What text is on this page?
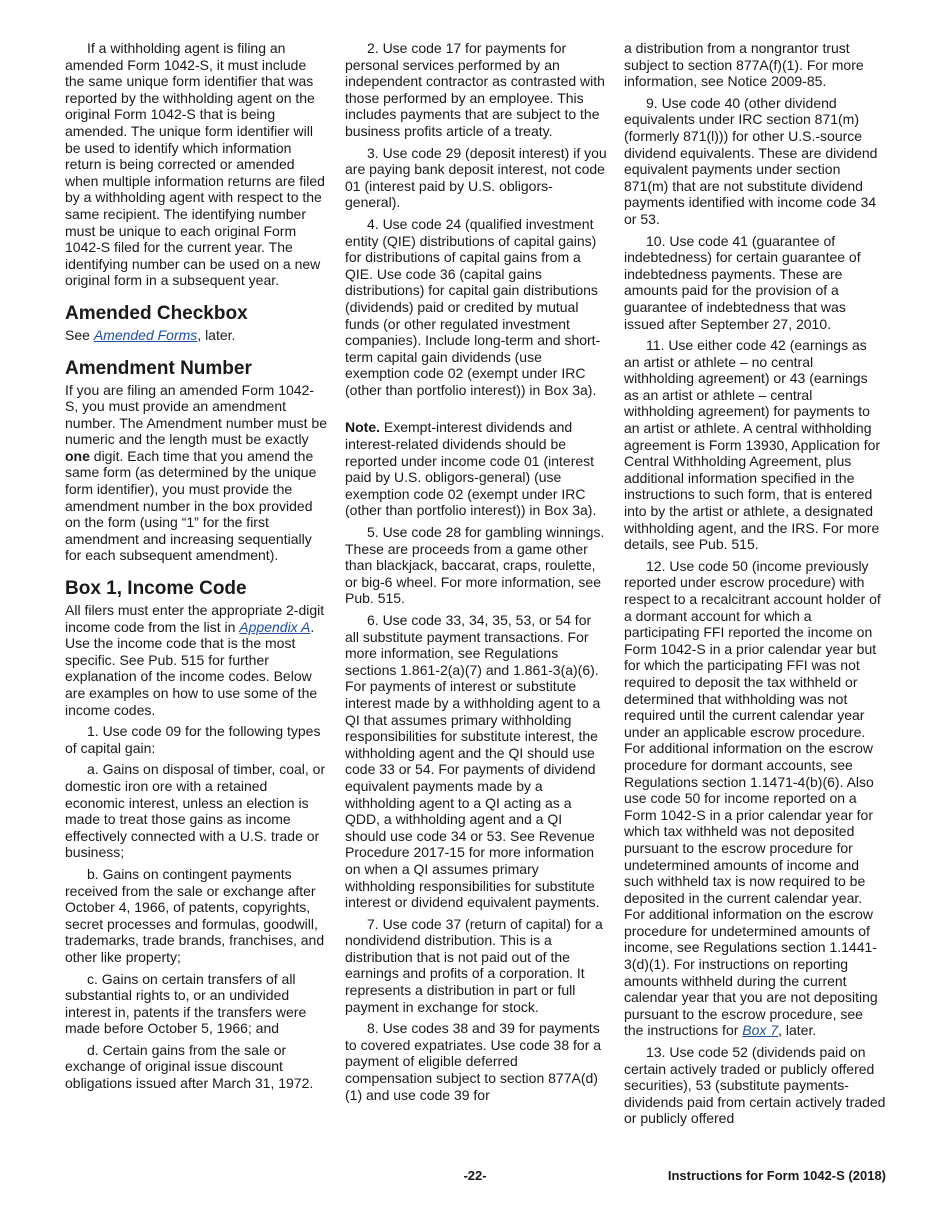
If a withholding agent is filing an amended Form 1042-S, it must include the same unique form identifier that was reported by the withholding agent on the original Form 1042-S that is being amended. The unique form identifier will be used to identify which information return is being corrected or amended when multiple information returns are filed by a withholding agent with respect to the same recipient. The identifying number must be unique to each original Form 1042-S filed for the current year. The identifying number can be used on a new original form in a subsequent year.

Amended Checkbox

See Amended Forms, later.

Amendment Number

If you are filing an amended Form 1042-S, you must provide an amendment number. The Amendment number must be numeric and the length must be exactly one digit. Each time that you amend the same form (as determined by the unique form identifier), you must provide the amendment number in the box provided on the form (using “1” for the first amendment and increasing sequentially for each subsequent amendment).

Box 1, Income Code

All filers must enter the appropriate 2-digit income code from the list in Appendix A. Use the income code that is the most specific. See Pub. 515 for further explanation of the income codes. Below are examples on how to use some of the income codes.

1. Use code 09 for the following types of capital gain:

a. Gains on disposal of timber, coal, or domestic iron ore with a retained economic interest, unless an election is made to treat those gains as income effectively connected with a U.S. trade or business;

b. Gains on contingent payments received from the sale or exchange after October 4, 1966, of patents, copyrights, secret processes and formulas, goodwill, trademarks, trade brands, franchises, and other like property;

c. Gains on certain transfers of all substantial rights to, or an undivided interest in, patents if the transfers were made before October 5, 1966; and

d. Certain gains from the sale or exchange of original issue discount obligations issued after March 31, 1972.

2. Use code 17 for payments for personal services performed by an independent contractor as contrasted with those performed by an employee. This includes payments that are subject to the business profits article of a treaty.

3. Use code 29 (deposit interest) if you are paying bank deposit interest, not code 01 (interest paid by U.S. obligors-general).

4. Use code 24 (qualified investment entity (QIE) distributions of capital gains) for distributions of capital gains from a QIE. Use code 36 (capital gains distributions) for capital gain distributions (dividends) paid or credited by mutual funds (or other regulated investment companies). Include long-term and short-term capital gain dividends (use exemption code 02 (exempt under IRC (other than portfolio interest)) in Box 3a).

Note. Exempt-interest dividends and interest-related dividends should be reported under income code 01 (interest paid by U.S. obligors-general) (use exemption code 02 (exempt under IRC (other than portfolio interest)) in Box 3a).

5. Use code 28 for gambling winnings. These are proceeds from a game other than blackjack, baccarat, craps, roulette, or big-6 wheel. For more information, see Pub. 515.

6. Use code 33, 34, 35, 53, or 54 for all substitute payment transactions. For more information, see Regulations sections 1.861-2(a)(7) and 1.861-3(a)(6). For payments of interest or substitute interest made by a withholding agent to a QI that assumes primary withholding responsibilities for substitute interest, the withholding agent and the QI should use code 33 or 54. For payments of dividend equivalent payments made by a withholding agent to a QI acting as a QDD, a withholding agent and a QI should use code 34 or 53. See Revenue Procedure 2017-15 for more information on when a QI assumes primary withholding responsibilities for substitute interest or dividend equivalent payments.

7. Use code 37 (return of capital) for a nondividend distribution. This is a distribution that is not paid out of the earnings and profits of a corporation. It represents a distribution in part or full payment in exchange for stock.

8. Use codes 38 and 39 for payments to covered expatriates. Use code 38 for a payment of eligible deferred compensation subject to section 877A(d)(1) and use code 39 for

a distribution from a nongrantor trust subject to section 877A(f)(1). For more information, see Notice 2009-85.

9. Use code 40 (other dividend equivalents under IRC section 871(m) (formerly 871(l))) for other U.S.-source dividend equivalents. These are dividend equivalent payments under section 871(m) that are not substitute dividend payments identified with income code 34 or 53.

10. Use code 41 (guarantee of indebtedness) for certain guarantee of indebtedness payments. These are amounts paid for the provision of a guarantee of indebtedness that was issued after September 27, 2010.

11. Use either code 42 (earnings as an artist or athlete – no central withholding agreement) or 43 (earnings as an artist or athlete – central withholding agreement) for payments to an artist or athlete. A central withholding agreement is Form 13930, Application for Central Withholding Agreement, plus additional information specified in the instructions to such form, that is entered into by the artist or athlete, a designated withholding agent, and the IRS. For more details, see Pub. 515.

12. Use code 50 (income previously reported under escrow procedure) with respect to a recalcitrant account holder of a dormant account for which a participating FFI reported the income on Form 1042-S in a prior calendar year but for which the participating FFI was not required to deposit the tax withheld or determined that withholding was not required until the current calendar year under an applicable escrow procedure. For additional information on the escrow procedure for dormant accounts, see Regulations section 1.1471-4(b)(6). Also use code 50 for income reported on a Form 1042-S in a prior calendar year for which tax withheld was not deposited pursuant to the escrow procedure for undetermined amounts of income and such withheld tax is now required to be deposited in the current calendar year. For additional information on the escrow procedure for undetermined amounts of income, see Regulations section 1.1441-3(d)(1). For instructions on reporting amounts withheld during the current calendar year that you are not depositing pursuant to the escrow procedure, see the instructions for Box 7, later.

13. Use code 52 (dividends paid on certain actively traded or publicly offered securities), 53 (substitute payments-dividends paid from certain actively traded or publicly offered

-22-	Instructions for Form 1042-S (2018)
